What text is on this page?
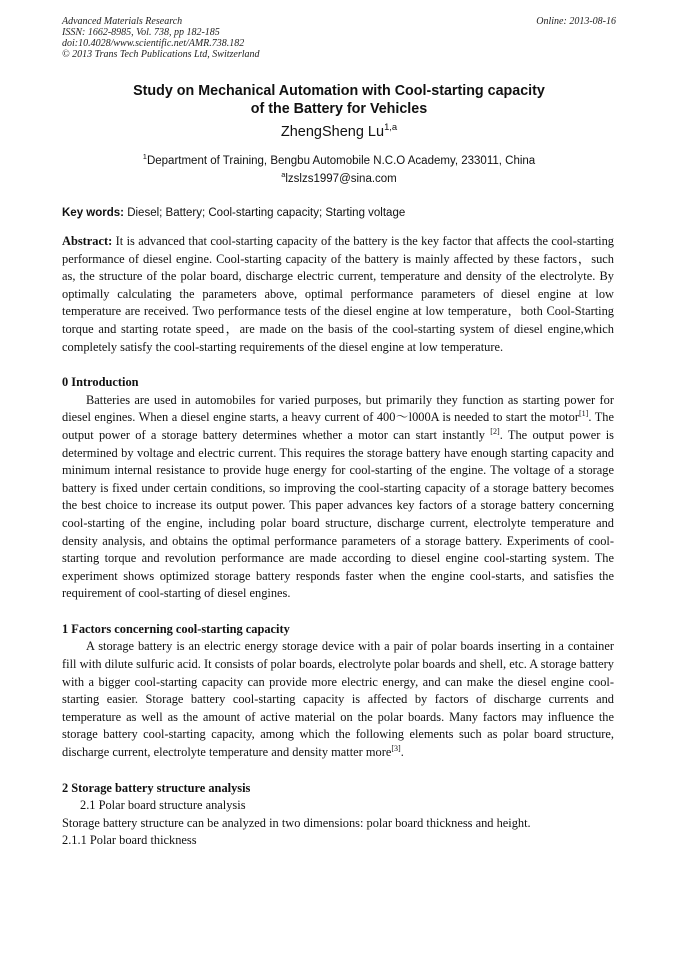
Advanced Materials Research
ISSN: 1662-8985, Vol. 738, pp 182-185
doi:10.4028/www.scientific.net/AMR.738.182
© 2013 Trans Tech Publications Ltd, Switzerland
Online: 2013-08-16
Study on Mechanical Automation with Cool-starting capacity
of the Battery for Vehicles
ZhengSheng Lu$^{1,a}$
$^1$Department of Training, Bengbu Automobile N.C.O Academy, 233011, China
$^a$lzslzs1997@sina.com
Key words: Diesel; Battery; Cool-starting capacity; Starting voltage

Abstract: It is advanced that cool-starting capacity of the battery is the key factor that affects the cool-starting performance of diesel engine. Cool-starting capacity of the battery is mainly affected by these factors，such as, the structure of the polar board, discharge electric current, temperature and density of the electrolyte. By optimally calculating the parameters above, optimal performance parameters of diesel engine at low temperature are received. Two performance tests of the diesel engine at low temperature，both Cool-Starting torque and starting rotate speed，are made on the basis of the cool-starting system of diesel engine,which completely satisfy the cool-starting requirements of the diesel engine at low temperature.

0 Introduction

Batteries are used in automobiles for varied purposes, but primarily they function as starting power for diesel engines. When a diesel engine starts, a heavy current of 400～l000A is needed to start the motor[1]. The output power of a storage battery determines whether a motor can start instantly [2]. The output power is determined by voltage and electric current. This requires the storage battery have enough starting capacity and minimum internal resistance to provide huge energy for cool-starting of the engine. The voltage of a storage battery is fixed under certain conditions, so improving the cool-starting capacity of a storage battery becomes the best choice to increase its output power. This paper advances key factors of a storage battery concerning cool-starting of the engine, including polar board structure, discharge current, electrolyte temperature and density analysis, and obtains the optimal performance parameters of a storage battery. Experiments of cool-starting torque and revolution performance are made according to diesel engine cool-starting system. The experiment shows optimized storage battery responds faster when the engine cool-starts, and satisfies the requirement of cool-starting of diesel engines.

1 Factors concerning cool-starting capacity

A storage battery is an electric energy storage device with a pair of polar boards inserting in a container fill with dilute sulfuric acid. It consists of polar boards, electrolyte polar boards and shell, etc. A storage battery with a bigger cool-starting capacity can provide more electric energy, and can make the diesel engine cool-starting easier. Storage battery cool-starting capacity is affected by factors of discharge currents and temperature as well as the amount of active material on the polar boards. Many factors may influence the storage battery cool-starting capacity, among which the following elements such as polar board structure, discharge current, electrolyte temperature and density matter more[3].

2 Storage battery structure analysis

2.1 Polar board structure analysis

Storage battery structure can be analyzed in two dimensions: polar board thickness and height.

2.1.1 Polar board thickness
